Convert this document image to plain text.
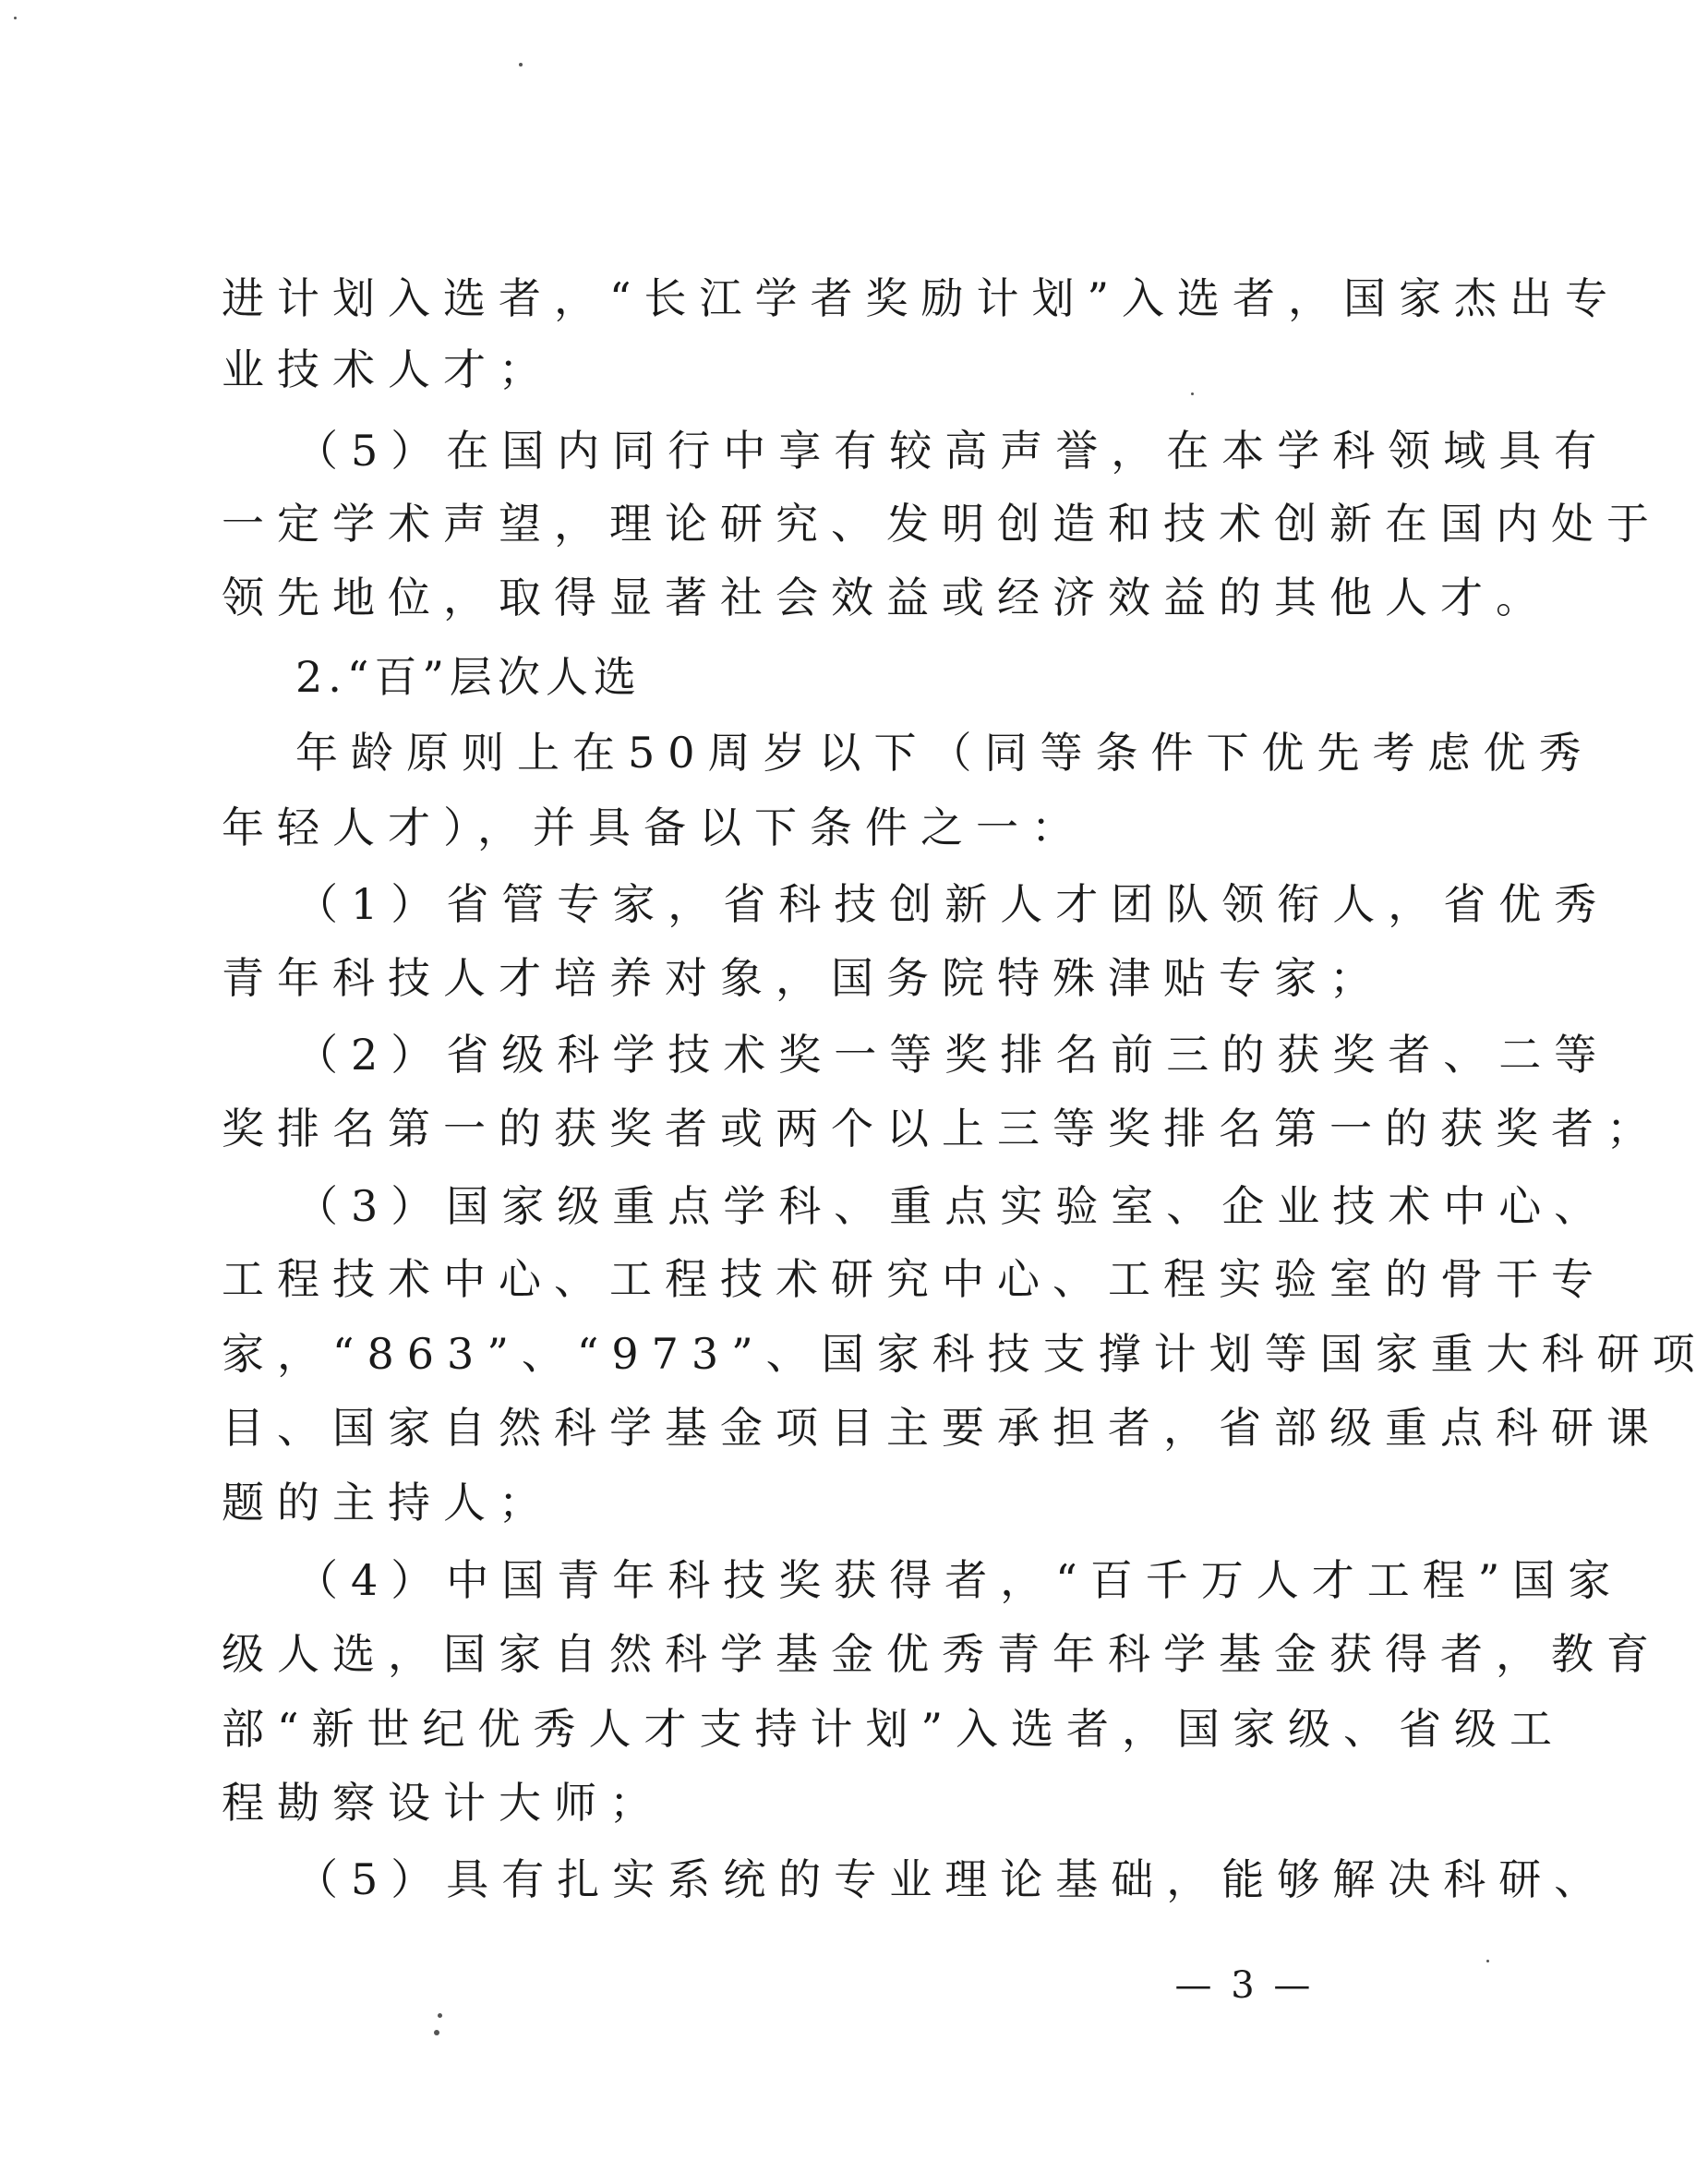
进计划入选者，“长江学者奖励计划”入选者，国家杰出专
业技术人才；
（5）在国内同行中享有较高声誉，在本学科领域具有
一定学术声望，理论研究、发明创造和技术创新在国内处于
领先地位，取得显著社会效益或经济效益的其他人才。
2.“百”层次人选
年龄原则上在50周岁以下（同等条件下优先考虑优秀
年轻人才），并具备以下条件之一：
（1）省管专家，省科技创新人才团队领衔人，省优秀
青年科技人才培养对象，国务院特殊津贴专家；
（2）省级科学技术奖一等奖排名前三的获奖者、二等
奖排名第一的获奖者或两个以上三等奖排名第一的获奖者；
（3）国家级重点学科、重点实验室、企业技术中心、
工程技术中心、工程技术研究中心、工程实验室的骨干专
家，“863”、“973”、国家科技支撑计划等国家重大科研项
目、国家自然科学基金项目主要承担者，省部级重点科研课
题的主持人；
（4）中国青年科技奖获得者，“百千万人才工程”国家
级人选，国家自然科学基金优秀青年科学基金获得者，教育
部“新世纪优秀人才支持计划”入选者，国家级、省级工
程勘察设计大师；
（5）具有扎实系统的专业理论基础，能够解决科研、
— 3 —
